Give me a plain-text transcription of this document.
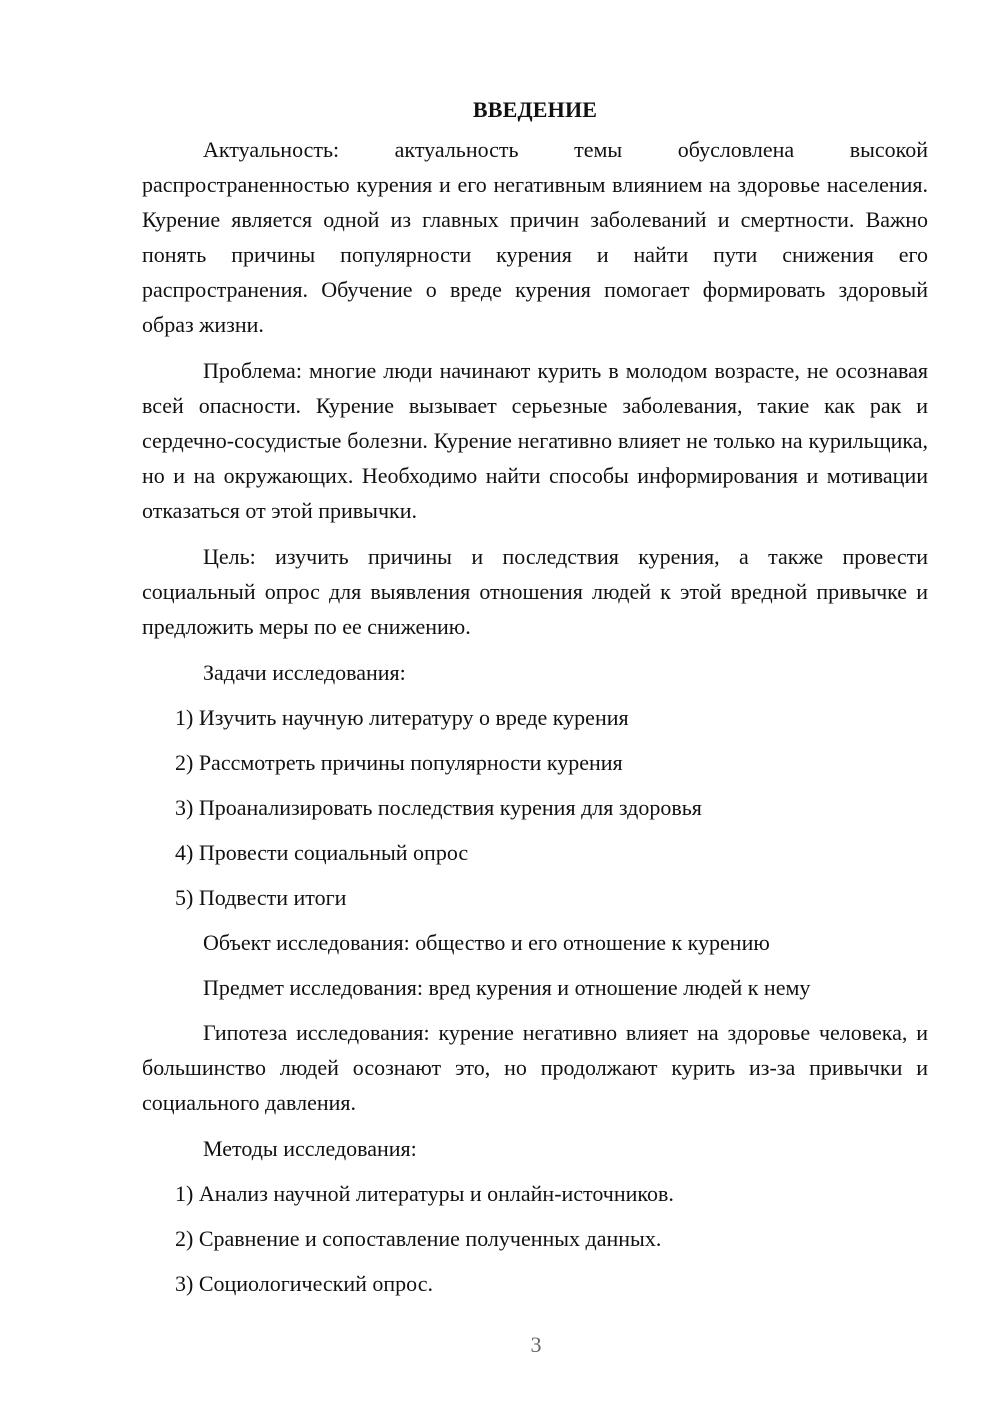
ВВЕДЕНИЕ

Актуальность: актуальность темы обусловлена высокой распространенностью курения и его негативным влиянием на здоровье населения. Курение является одной из главных причин заболеваний и смертности. Важно понять причины популярности курения и найти пути снижения его распространения. Обучение о вреде курения помогает формировать здоровый образ жизни.

Проблема: многие люди начинают курить в молодом возрасте, не осознавая всей опасности. Курение вызывает серьезные заболевания, такие как рак и сердечно-сосудистые болезни. Курение негативно влияет не только на курильщика, но и на окружающих. Необходимо найти способы информирования и мотивации отказаться от этой привычки.

Цель: изучить причины и последствия курения, а также провести социальный опрос для выявления отношения людей к этой вредной привычке и предложить меры по ее снижению.

Задачи исследования:
1) Изучить научную литературу о вреде курения
2) Рассмотреть причины популярности курения
3) Проанализировать последствия курения для здоровья
4) Провести социальный опрос
5) Подвести итоги
Объект исследования: общество и его отношение к курению
Предмет исследования: вред курения и отношение людей к нему

Гипотеза исследования: курение негативно влияет на здоровье человека, и большинство людей осознают это, но продолжают курить из-за привычки и социального давления.

Методы исследования:
1) Анализ научной литературы и онлайн-источников.
2) Сравнение и сопоставление полученных данных.
3) Социологический опрос.
3
